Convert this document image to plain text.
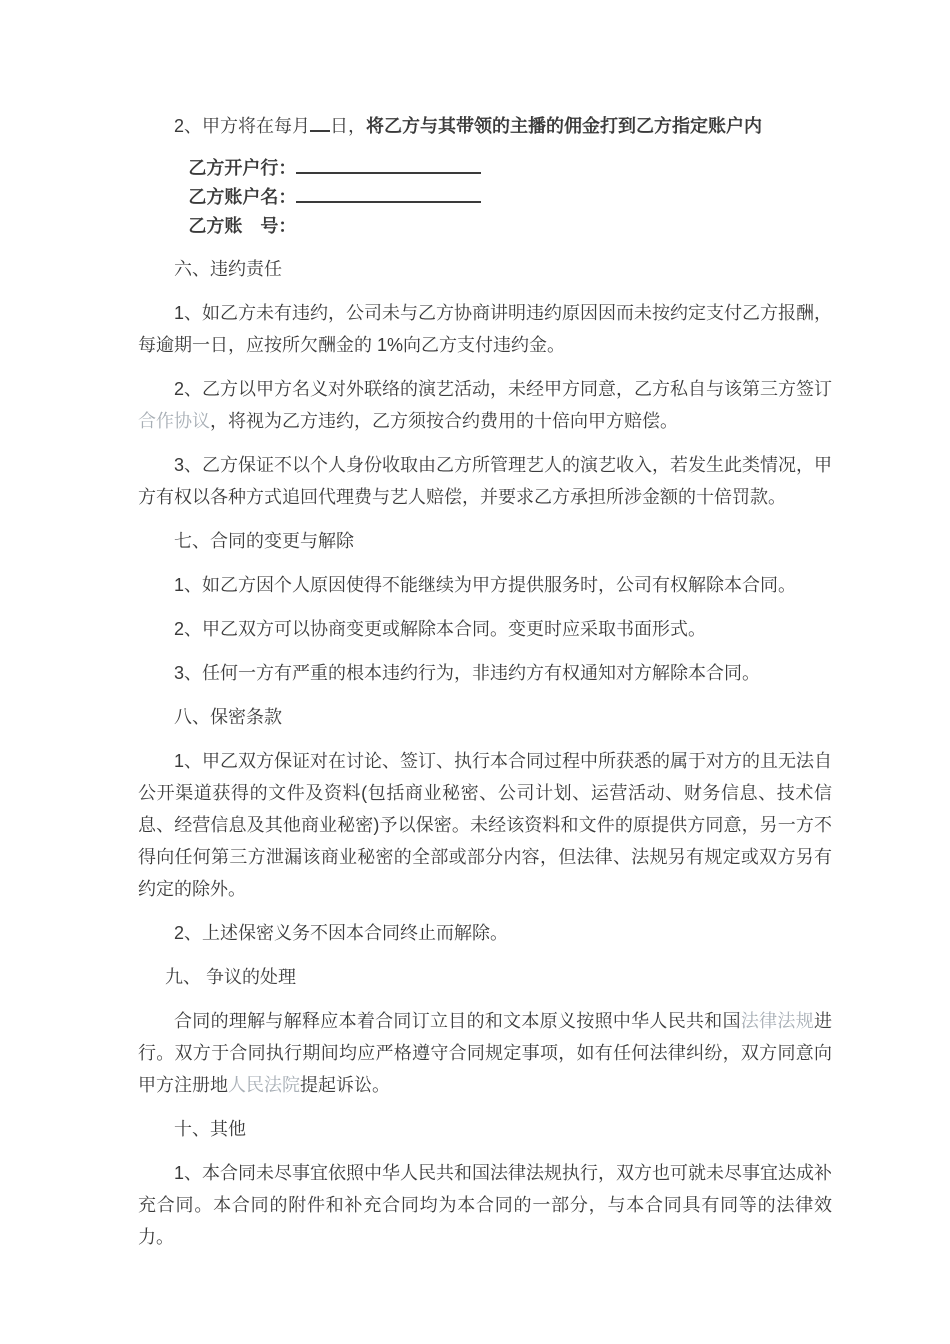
2、甲方将在每月 日，将乙方与其带领的主播的佣金打到乙方指定账户内

乙方开户行：

乙方账户名：

乙方账　号：

六、违约责任

1、如乙方未有违约，公司未与乙方协商讲明违约原因因而未按约定支付乙方报酬，每逾期一日，应按所欠酬金的 1%向乙方支付违约金。

2、乙方以甲方名义对外联络的演艺活动，未经甲方同意，乙方私自与该第三方签订合作协议，将视为乙方违约，乙方须按合约费用的十倍向甲方赔偿。

3、乙方保证不以个人身份收取由乙方所管理艺人的演艺收入，若发生此类情况，甲方有权以各种方式追回代理费与艺人赔偿，并要求乙方承担所涉金额的十倍罚款。

七、合同的变更与解除

1、如乙方因个人原因使得不能继续为甲方提供服务时，公司有权解除本合同。

2、甲乙双方可以协商变更或解除本合同。变更时应采取书面形式。

3、任何一方有严重的根本违约行为，非违约方有权通知对方解除本合同。

八、保密条款

1、甲乙双方保证对在讨论、签订、执行本合同过程中所获悉的属于对方的且无法自公开渠道获得的文件及资料(包括商业秘密、公司计划、运营活动、财务信息、技术信息、经营信息及其他商业秘密)予以保密。未经该资料和文件的原提供方同意，另一方不得向任何第三方泄漏该商业秘密的全部或部分内容，但法律、法规另有规定或双方另有约定的除外。

2、上述保密义务不因本合同终止而解除。

九、 争议的处理

合同的理解与解释应本着合同订立目的和文本原义按照中华人民共和国法律法规进行。双方于合同执行期间均应严格遵守合同规定事项，如有任何法律纠纷，双方同意向甲方注册地人民法院提起诉讼。

十、其他

1、本合同未尽事宜依照中华人民共和国法律法规执行，双方也可就未尽事宜达成补充合同。本合同的附件和补充合同均为本合同的一部分，与本合同具有同等的法律效力。
